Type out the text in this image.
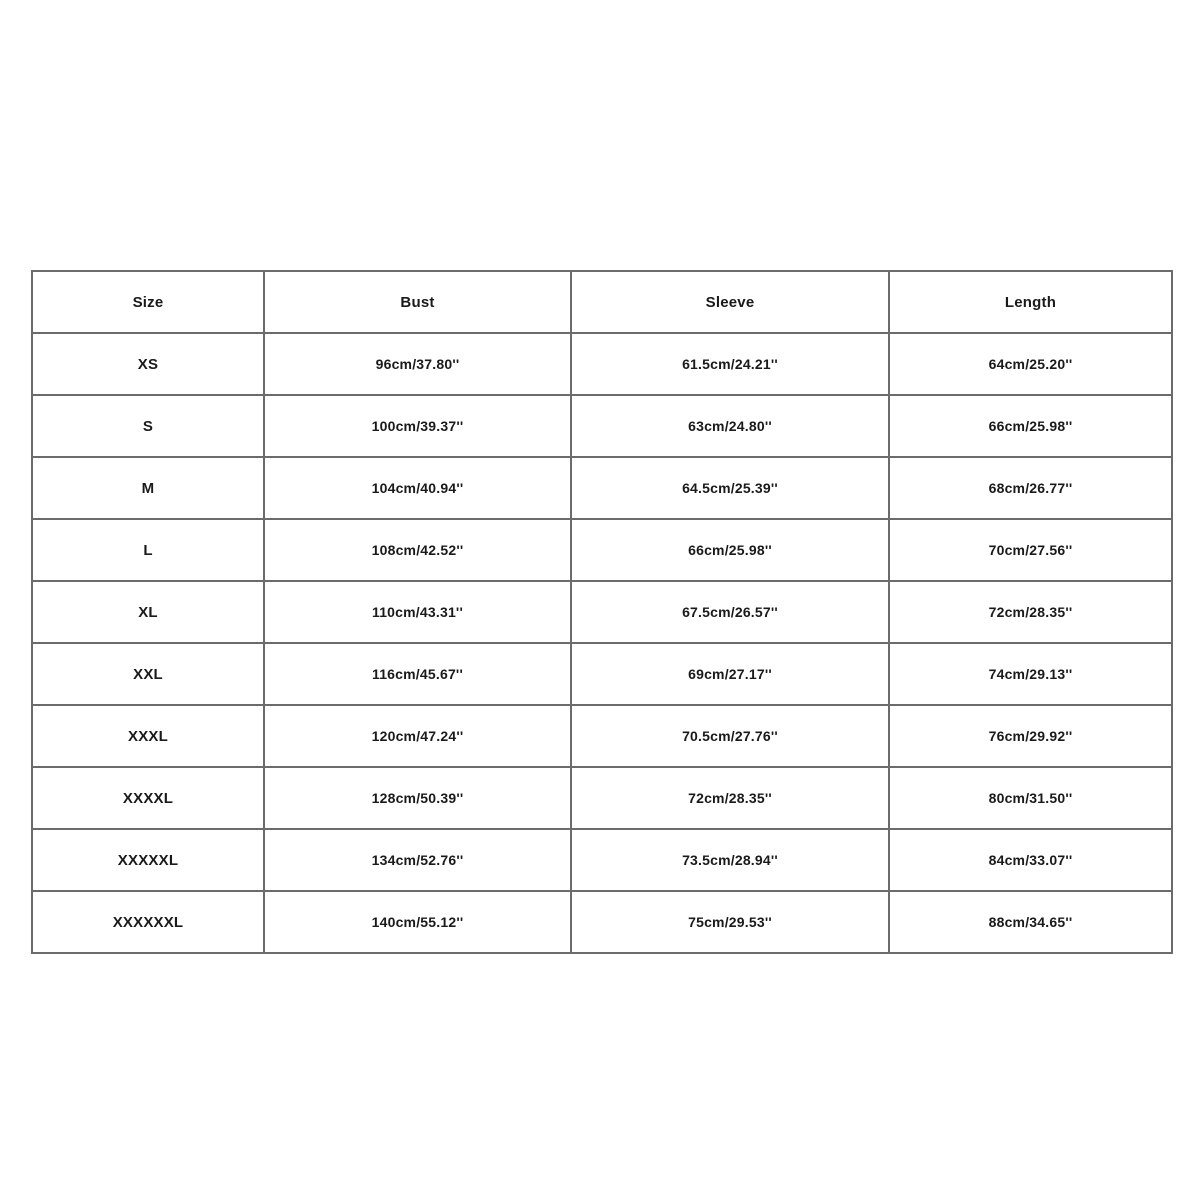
Size	Bust	Sleeve	Length
XS	96cm/37.80''	61.5cm/24.21''	64cm/25.20''
S	100cm/39.37''	63cm/24.80''	66cm/25.98''
M	104cm/40.94''	64.5cm/25.39''	68cm/26.77''
L	108cm/42.52''	66cm/25.98''	70cm/27.56''
XL	110cm/43.31''	67.5cm/26.57''	72cm/28.35''
XXL	116cm/45.67''	69cm/27.17''	74cm/29.13''
XXXL	120cm/47.24''	70.5cm/27.76''	76cm/29.92''
XXXXL	128cm/50.39''	72cm/28.35''	80cm/31.50''
XXXXXL	134cm/52.76''	73.5cm/28.94''	84cm/33.07''
XXXXXXL	140cm/55.12''	75cm/29.53''	88cm/34.65''
